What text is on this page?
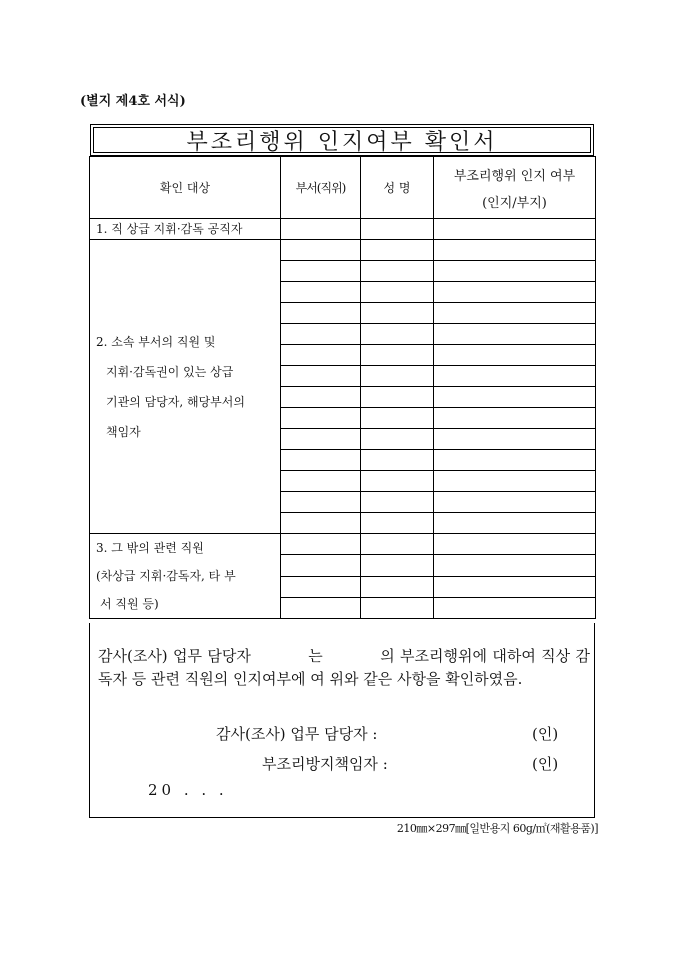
(별지 제4호 서식)
부조리행위 인지여부 확인서
확인 대상	부서(직위)	성 명	부조리행위 인지 여부
(인지/부지)

1. 직 상급 지휘·감독 공직자			

2. 소속 부서의 직원 및
지휘·감독권이 있는 상급
기관의 담당자, 해당부서의
책임자			

3. 그 밖의 관련 직원
(차상급 지휘·감독자, 타 부
서 직원 등)			

감사(조사) 업무 담당자 　　　 는 　　　 의 부조리행위에 대하여 직상 감독자 등 관련 직원의 인지여부에 여 위와 같은 사항을 확인하였음.
감사(조사) 업무 담당자 :	(인)
부조리방지책임자 :	(인)
20 . . .
210㎜×297㎜[일반용지 60g/㎡(재활용품)]
